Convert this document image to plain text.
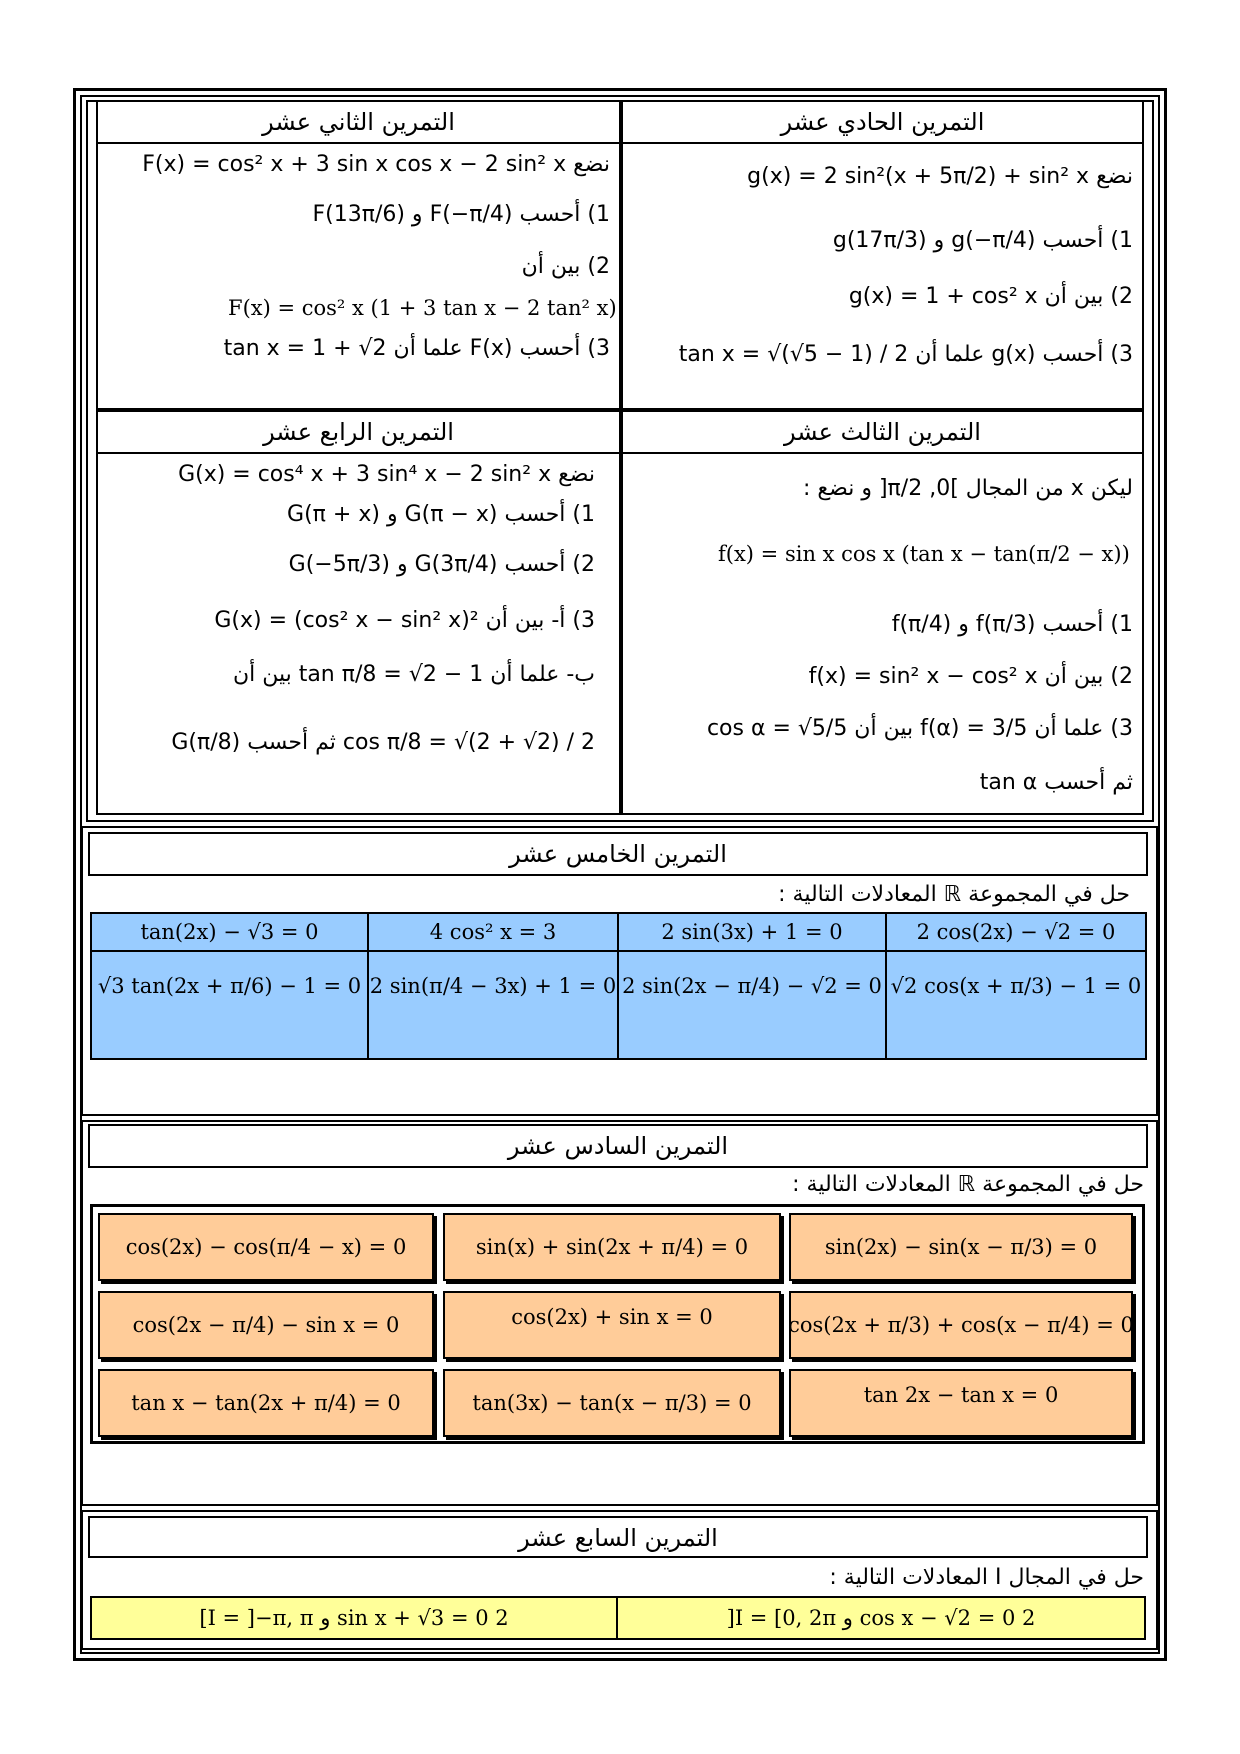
التمرين الثاني عشر	التمرين الحادي عشر
التمرين الرابع عشر	التمرين الثالث عشر
نضع g(x) = 2 sin²(x + 5π/2) + sin² x
1) أحسب g(−π/4) و g(17π/3)
2) بين أن g(x) = 1 + cos² x
3) أحسب g(x) علما أن tan x = √(√5 − 1) / 2
نضع F(x) = cos² x + 3 sin x cos x − 2 sin² x
1) أحسب F(−π/4) و F(13π/6)
2) بين أن
F(x) = cos² x (1 + 3 tan x − 2 tan² x)
3) أحسب F(x) علما أن tan x = 1 + √2
ليكن x من المجال ]0, π/2[ و نضع :
f(x) = sin x cos x (tan x − tan(π/2 − x))
1) أحسب f(π/3) و f(π/4)
2) بين أن f(x) = sin² x − cos² x
3) علما أن f(α) = 3/5 بين أن cos α = √5/5
ثم أحسب tan α
نضع G(x) = cos⁴ x + 3 sin⁴ x − 2 sin² x
1) أحسب G(π − x) و G(π + x)
2) أحسب G(3π/4) و G(−5π/3)
3) أ- بين أن G(x) = (cos² x − sin² x)²
ب- علما أن tan π/8 = √2 − 1 بين أن
cos π/8 = √(2 + √2) / 2 ثم أحسب G(π/8)
التمرين الخامس عشر
حل في المجموعة ℝ المعادلات التالية :
2 cos(2x) − √2 = 0
2 sin(3x) + 1 = 0
4 cos² x = 3
tan(2x) − √3 = 0
√2 cos(x + π/3) − 1 = 0
2 sin(2x − π/4) − √2 = 0
2 sin(π/4 − 3x) + 1 = 0
√3 tan(2x + π/6) − 1 = 0
التمرين السادس عشر
حل في المجموعة ℝ المعادلات التالية :
sin(2x) − sin(x − π/3) = 0
sin(x) + sin(2x + π/4) = 0
cos(2x) − cos(π/4 − x) = 0
cos(2x + π/3) + cos(x − π/4) = 0
cos(2x) + sin x = 0
cos(2x − π/4) − sin x = 0
tan 2x − tan x = 0
tan(3x) − tan(x − π/3) = 0
tan x − tan(2x + π/4) = 0
التمرين السابع عشر
حل في المجال I المعادلات التالية :
2 cos x − √2 = 0 و I = [0, 2π[
2 sin x + √3 = 0 و I = ]−π, π]
